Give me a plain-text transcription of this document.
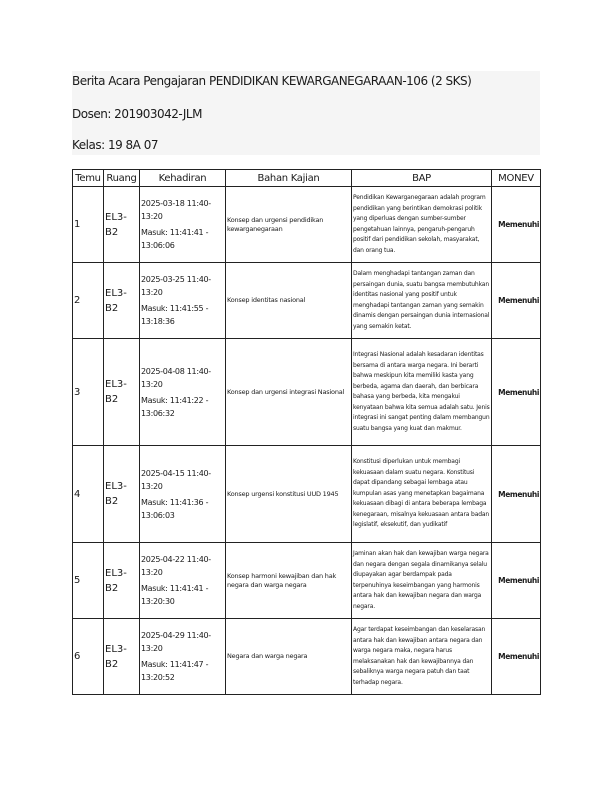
Berita Acara Pengajaran PENDIDIKAN KEWARGANEGARAAN-106 (2 SKS)
Dosen: 201903042-JLM
Kelas: 19 8A 07
Temu	Ruang	Kehadiran	Bahan Kajian	BAP	MONEV
1	EL3-B2	2025-03-18 11:40-13:20
Masuk: 11:41:41 - 13:06:06	Konsep dan urgensi pendidikan kewarganegaraan	Pendidikan Kewarganegaraan adalah program pendidikan yang berintikan demokrasi politik yang diperluas dengan sumber-sumber pengetahuan lainnya, pengaruh-pengaruh positif dari pendidikan sekolah, masyarakat, dan orang tua.	Memenuhi
2	EL3-B2	2025-03-25 11:40-13:20
Masuk: 11:41:55 - 13:18:36	Konsep identitas nasional	Dalam menghadapi tantangan zaman dan persaingan dunia, suatu bangsa membutuhkan identitas nasional yang positif untuk menghadapi tantangan zaman yang semakin dinamis dengan persaingan dunia internasional yang semakin ketat.	Memenuhi
3	EL3-B2	2025-04-08 11:40-13:20
Masuk: 11:41:22 - 13:06:32	Konsep dan urgensi integrasi Nasional	Integrasi Nasional adalah kesadaran identitas bersama di antara warga negara. Ini berarti bahwa meskipun kita memiliki kasta yang berbeda, agama dan daerah, dan berbicara bahasa yang berbeda, kita mengakui kenyataan bahwa kita semua adalah satu. Jenis integrasi ini sangat penting dalam membangun suatu bangsa yang kuat dan makmur.	Memenuhi
4	EL3-B2	2025-04-15 11:40-13:20
Masuk: 11:41:36 - 13:06:03	Konsep urgensi konstitusi UUD 1945	Konstitusi diperlukan untuk membagi kekuasaan dalam suatu negara. Konstitusi dapat dipandang sebagai lembaga atau kumpulan asas yang menetapkan bagaimana kekuasaan dibagi di antara beberapa lembaga kenegaraan, misalnya kekuasaan antara badan legislatif, eksekutif, dan yudikatif	Memenuhi
5	EL3-B2	2025-04-22 11:40-13:20
Masuk: 11:41:41 - 13:20:30	Konsep harmoni kewajiban dan hak negara dan warga negara	Jaminan akan hak dan kewajiban warga negara dan negara dengan segala dinamikanya selalu diupayakan agar berdampak pada terpenuhinya keseimbangan yang harmonis antara hak dan kewajiban negara dan warga negara.	Memenuhi
6	EL3-B2	2025-04-29 11:40-13:20
Masuk: 11:41:47 - 13:20:52	Negara dan warga negara	Agar terdapat keseimbangan dan keselarasan antara hak dan kewajiban antara negara dan warga negara maka, negara harus melaksanakan hak dan kewajibannya dan sebaliknya warga negara patuh dan taat terhadap negara.	Memenuhi
